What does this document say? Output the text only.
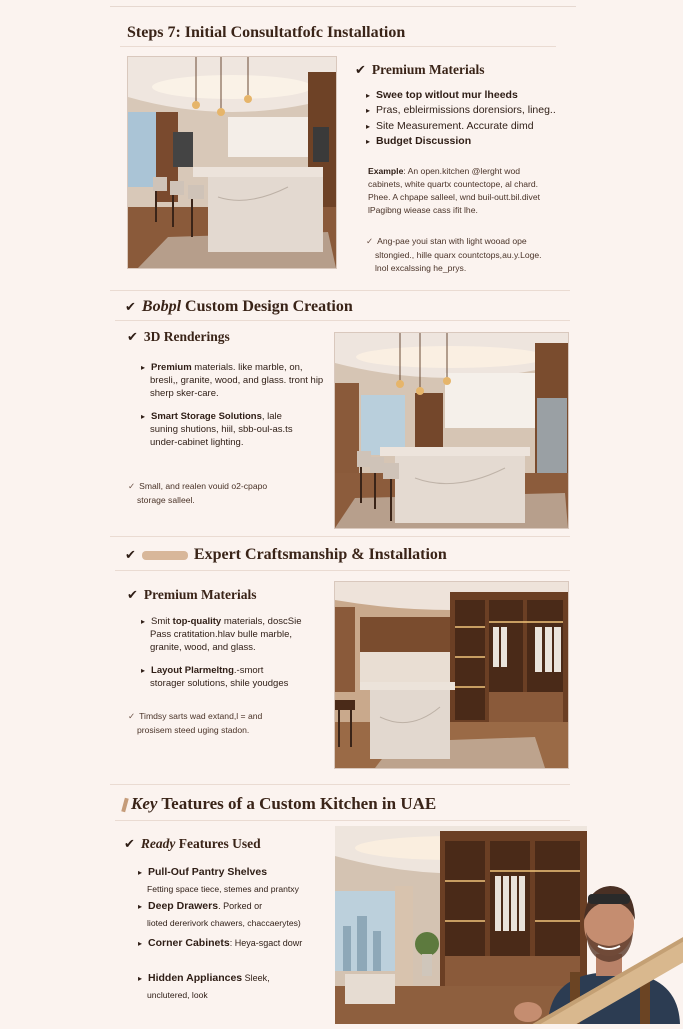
Steps 7: Initial Consultatfofc Installation
✔ Premium Materials
▸ Swee top witlout mur lheeds
▸ Pras, ebleirmissions dorensiors, lineg..
▸ Site Measurement. Accurate dimd
▸ Budget Discussion
Example: An open.kitchen @lerght wod
cabinets, white quartx countectope, al chard.
Phee. A chpape salleel, wnd buil-outt.bil.divet
lPagibng wiease cass ifit lhe.
✓ Ang-pae youi stan with light wooad ope
sltongied., hille quarx countctops,au.y.Loge.
lnol excalssing he_prys.
✔ Bobpl Custom Design Creation
✔ 3D Renderings
▸ Premium materials. like marble, on,
bresli,, granite, wood, and glass. tront hip
sherp sker-care.
▸ Smart Storage Solutions, lale
suning shutions, hiil, sbb-oul-as.ts
under-cabinet lighting.
✓ Small, and realen vouid o2-cpapo
storage salleel.
✔	Expert Craftsmanship & Installation
✔ Premium Materials
▸ Smit top-quality materials, doscSie
Pass cratitation.hlav bulle marble,
granite, wood, and glass.
▸ Layout Plarmeltng.-smort
storager solutions, shile youdges
✓ Timdsy sarts wad extand,l = and
prosisem steed uging stadon.
Key Teatures of a Custom Kitchen in UAE
✔ Ready Features Used
▸ Pull-Ouf Pantry Shelves
Fetting space tiece, stemes and prantxy
▸ Deep Drawers. Porked or
lioted dererivork chawers, chaccaerytes)
▸ Corner Cabinets: Heya-sgact dowr
▸ Hidden Appliances Sleek,
unclutered, look
